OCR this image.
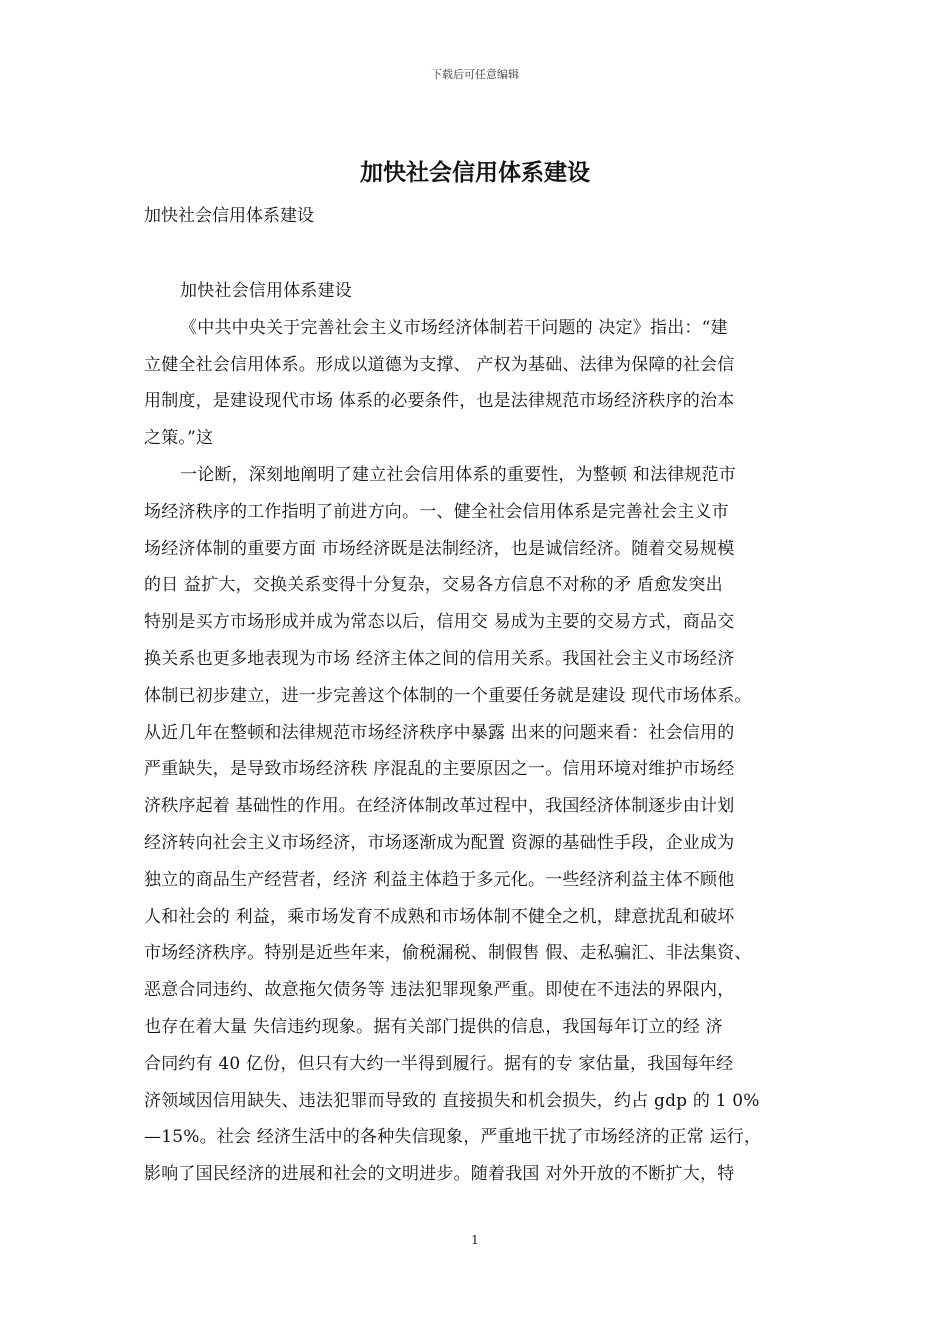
下载后可任意编辑
加快社会信用体系建设
加快社会信用体系建设
加快社会信用体系建设
《中共中央关于完善社会主义市场经济体制若干问题的 决定》指出：“建
立健全社会信用体系。形成以道德为支撑、 产权为基础、法律为保障的社会信
用制度，是建设现代市场 体系的必要条件，也是法律规范市场经济秩序的治本
之策。”这
一论断，深刻地阐明了建立社会信用体系的重要性，为整顿 和法律规范市
场经济秩序的工作指明了前进方向。一、健全社会信用体系是完善社会主义市
场经济体制的重要方面 市场经济既是法制经济，也是诚信经济。随着交易规模
的日 益扩大，交换关系变得十分复杂，交易各方信息不对称的矛 盾愈发突出
特别是买方市场形成并成为常态以后，信用交 易成为主要的交易方式，商品交
换关系也更多地表现为市场 经济主体之间的信用关系。我国社会主义市场经济
体制已初步建立，进一步完善这个体制的一个重要任务就是建设 现代市场体系。
从近几年在整顿和法律规范市场经济秩序中暴露 出来的问题来看：社会信用的
严重缺失，是导致市场经济秩 序混乱的主要原因之一。信用环境对维护市场经
济秩序起着 基础性的作用。在经济体制改革过程中，我国经济体制逐步由计划
经济转向社会主义市场经济，市场逐渐成为配置 资源的基础性手段，企业成为
独立的商品生产经营者，经济 利益主体趋于多元化。一些经济利益主体不顾他
人和社会的 利益，乘市场发育不成熟和市场体制不健全之机，肆意扰乱和破坏
市场经济秩序。特别是近些年来，偷税漏税、制假售 假、走私骗汇、非法集资、
恶意合同违约、故意拖欠债务等 违法犯罪现象严重。即使在不违法的界限内，
也存在着大量 失信违约现象。据有关部门提供的信息，我国每年订立的经 济
合同约有 40 亿份，但只有大约一半得到履行。据有的专 家估量，我国每年经
济领域因信用缺失、违法犯罪而导致的 直接损失和机会损失，约占 gdp 的 1 0%
—15%。社会 经济生活中的各种失信现象，严重地干扰了市场经济的正常 运行，
影响了国民经济的进展和社会的文明进步。随着我国 对外开放的不断扩大，特
1
